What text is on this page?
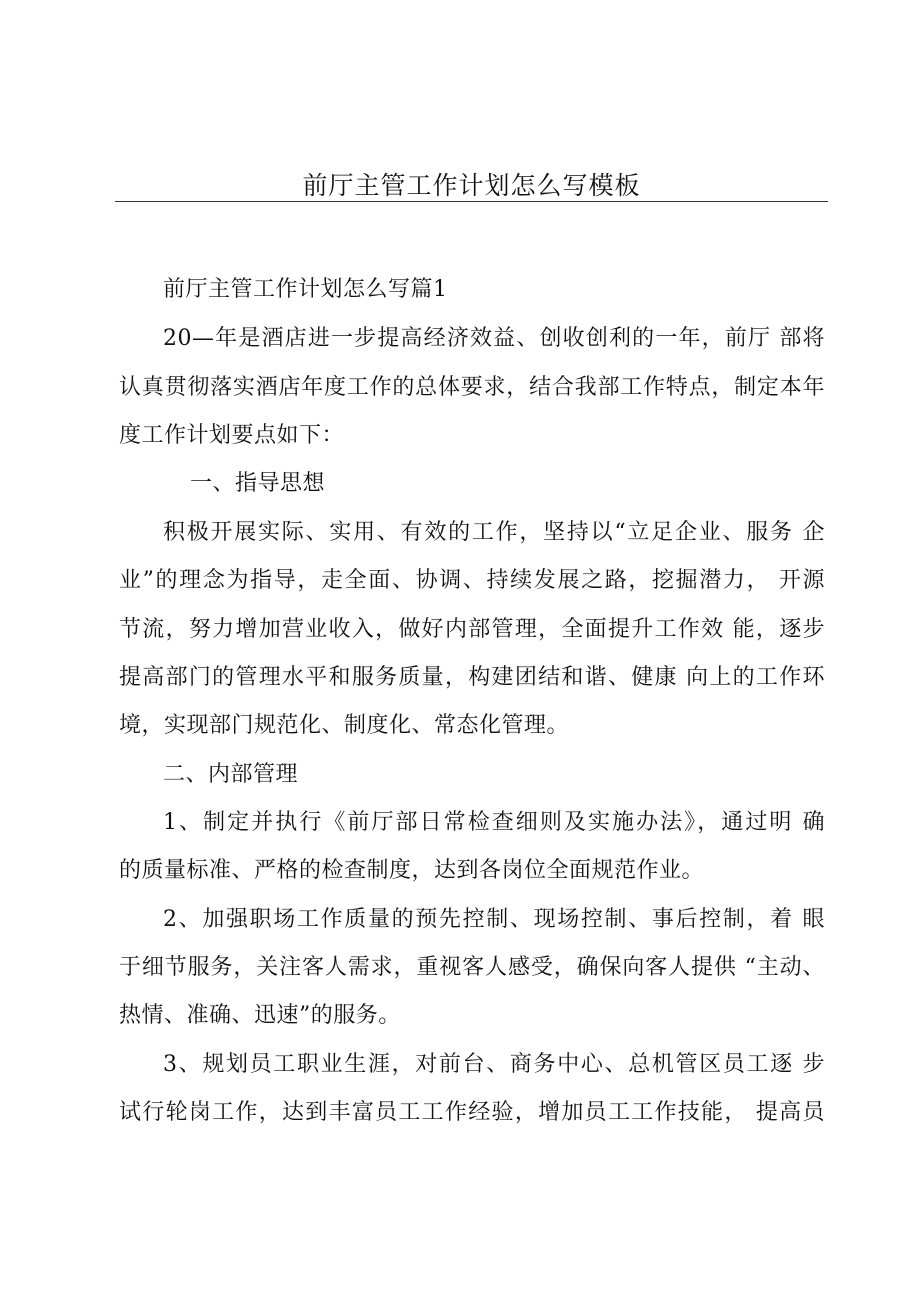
前厅主管工作计划怎么写模板
前厅主管工作计划怎么写篇1
20—年是酒店进一步提高经济效益、创收创利的一年，前厅 部将
认真贯彻落实酒店年度工作的总体要求，结合我部工作特点，制定本年
度工作计划要点如下：
一、指导思想
积极开展实际、实用、有效的工作，坚持以“立足企业、服务 企
业”的理念为指导，走全面、协调、持续发展之路，挖掘潜力， 开源
节流，努力增加营业收入，做好内部管理，全面提升工作效 能，逐步
提高部门的管理水平和服务质量，构建团结和谐、健康 向上的工作环
境，实现部门规范化、制度化、常态化管理。
二、内部管理
1、制定并执行《前厅部日常检查细则及实施办法》，通过明 确
的质量标准、严格的检查制度，达到各岗位全面规范作业。
2、加强职场工作质量的预先控制、现场控制、事后控制，着 眼
于细节服务，关注客人需求，重视客人感受，确保向客人提供 “主动、
热情、准确、迅速”的服务。
3、规划员工职业生涯，对前台、商务中心、总机管区员工逐 步
试行轮岗工作，达到丰富员工工作经验，增加员工工作技能， 提高员
